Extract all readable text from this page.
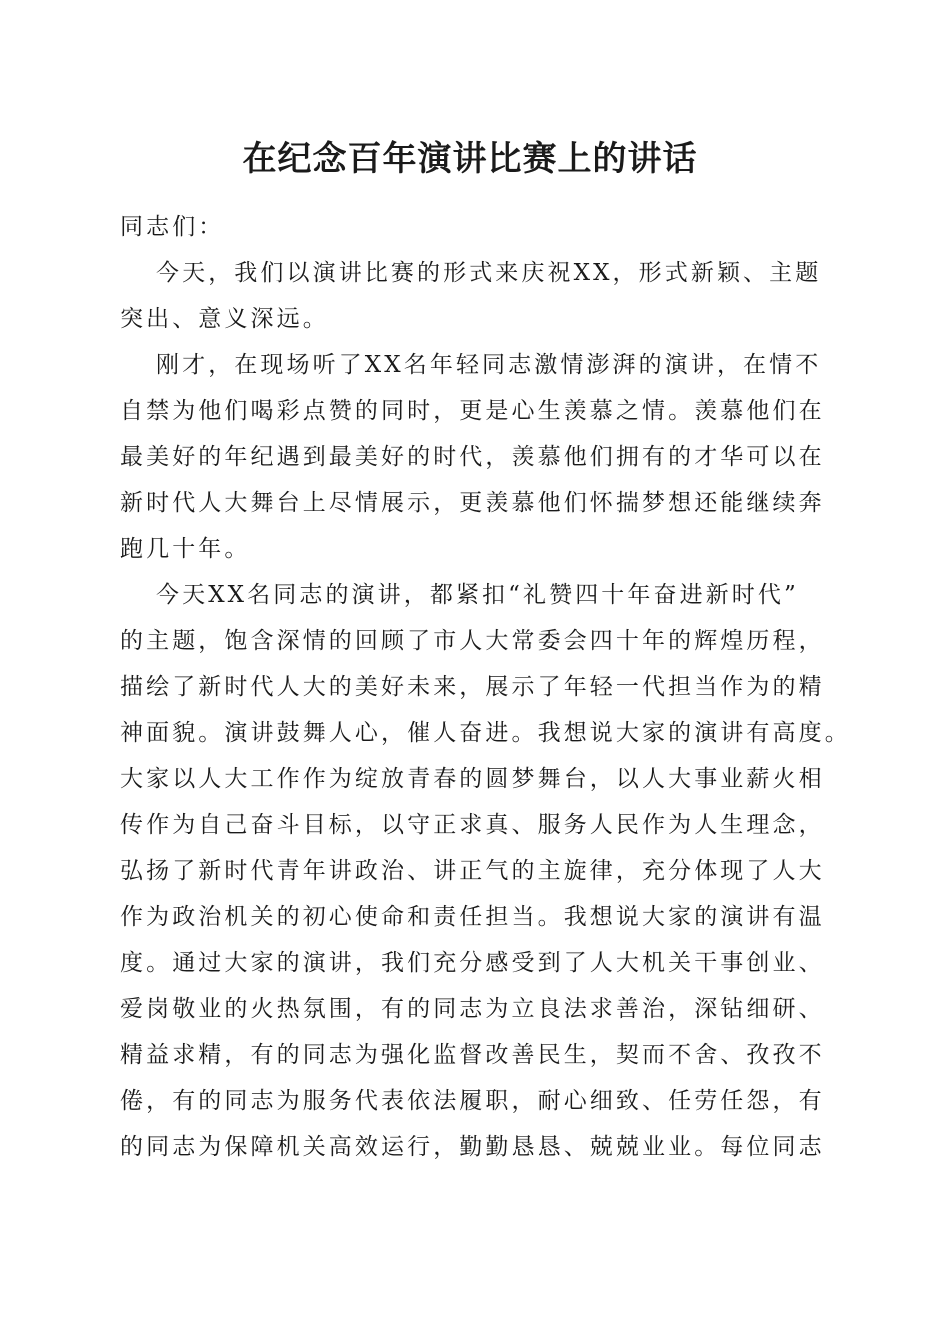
在纪念百年演讲比赛上的讲话
同志们：
今天，我们以演讲比赛的形式来庆祝XX，形式新颖、主题
突出、意义深远。
刚才，在现场听了XX名年轻同志激情澎湃的演讲，在情不
自禁为他们喝彩点赞的同时，更是心生羡慕之情。羡慕他们在
最美好的年纪遇到最美好的时代，羡慕他们拥有的才华可以在
新时代人大舞台上尽情展示，更羡慕他们怀揣梦想还能继续奔
跑几十年。
今天XX名同志的演讲，都紧扣“礼赞四十年奋进新时代”
的主题，饱含深情的回顾了市人大常委会四十年的辉煌历程，
描绘了新时代人大的美好未来，展示了年轻一代担当作为的精
神面貌。演讲鼓舞人心，催人奋进。我想说大家的演讲有高度。
大家以人大工作作为绽放青春的圆梦舞台，以人大事业薪火相
传作为自己奋斗目标，以守正求真、服务人民作为人生理念，
弘扬了新时代青年讲政治、讲正气的主旋律，充分体现了人大
作为政治机关的初心使命和责任担当。我想说大家的演讲有温
度。通过大家的演讲，我们充分感受到了人大机关干事创业、
爱岗敬业的火热氛围，有的同志为立良法求善治，深钻细研、
精益求精，有的同志为强化监督改善民生，契而不舍、孜孜不
倦，有的同志为服务代表依法履职，耐心细致、任劳任怨，有
的同志为保障机关高效运行，勤勤恳恳、兢兢业业。每位同志
